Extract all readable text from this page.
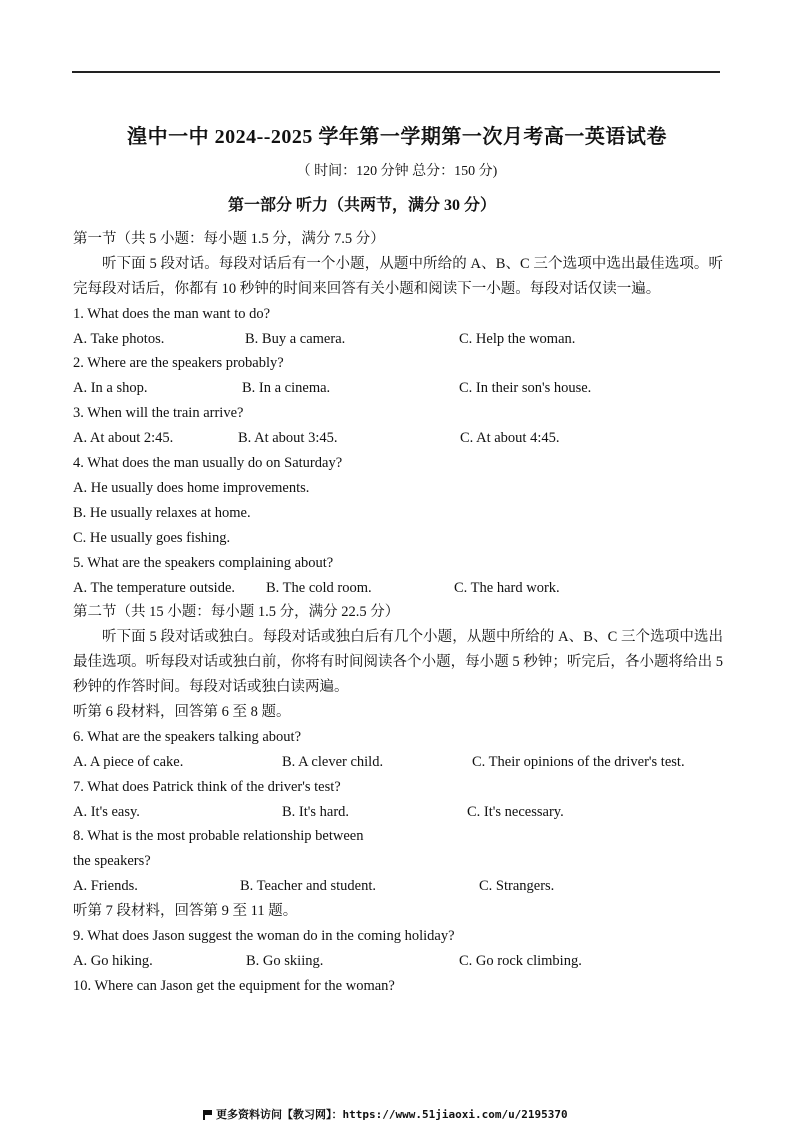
湟中一中 2024--2025 学年第一学期第一次月考高一英语试卷
（ 时间：120 分钟 总分：150 分)
第一部分 听力（共两节，满分 30 分）
第一节（共 5 小题：每小题 1.5 分，满分 7.5 分）
听下面 5 段对话。每段对话后有一个小题，从题中所给的 A、B、C 三个选项中选出最佳选项。听完每段对话后，你都有 10 秒钟的时间来回答有关小题和阅读下一小题。每段对话仅读一遍。
1. What does the man want to do?
A. Take photos.	B. Buy a camera.	C. Help the woman.
2. Where are the speakers probably?
A. In a shop.	B. In a cinema.	C. In their son's house.
3. When will the train arrive?
A. At about 2:45.	B. At about 3:45.	C. At about 4:45.
4. What does the man usually do on Saturday?
A. He usually does home improvements.
B. He usually relaxes at home.
C. He usually goes fishing.
5. What are the speakers complaining about?
A. The temperature outside. B. The cold room.	C. The hard work.
第二节（共 15 小题：每小题 1.5 分，满分 22.5 分）
听下面 5 段对话或独白。每段对话或独白后有几个小题，从题中所给的 A、B、C 三个选项中选出最佳选项。听每段对话或独白前，你将有时间阅读各个小题，每小题 5 秒钟；听完后，各小题将给出 5 秒钟的作答时间。每段对话或独白读两遍。
听第 6 段材料，回答第 6 至 8 题。
6. What are the speakers talking about?
A. A piece of cake.	B. A clever child.	C. Their opinions of the driver's test.
7. What does Patrick think of the driver's test?
A. It's easy.	B. It's hard.	C. It's necessary.
8. What is the most probable relationship between
the speakers?
A. Friends.	B. Teacher and student.	C. Strangers.
听第 7 段材料，回答第 9 至 11 题。
9. What does Jason suggest the woman do in the coming holiday?
A. Go hiking.	B. Go skiing.	C. Go rock climbing.
10. Where can Jason get the equipment for the woman?
更多资料访问【教习网】：https://www.51jiaoxi.com/u/2195370
